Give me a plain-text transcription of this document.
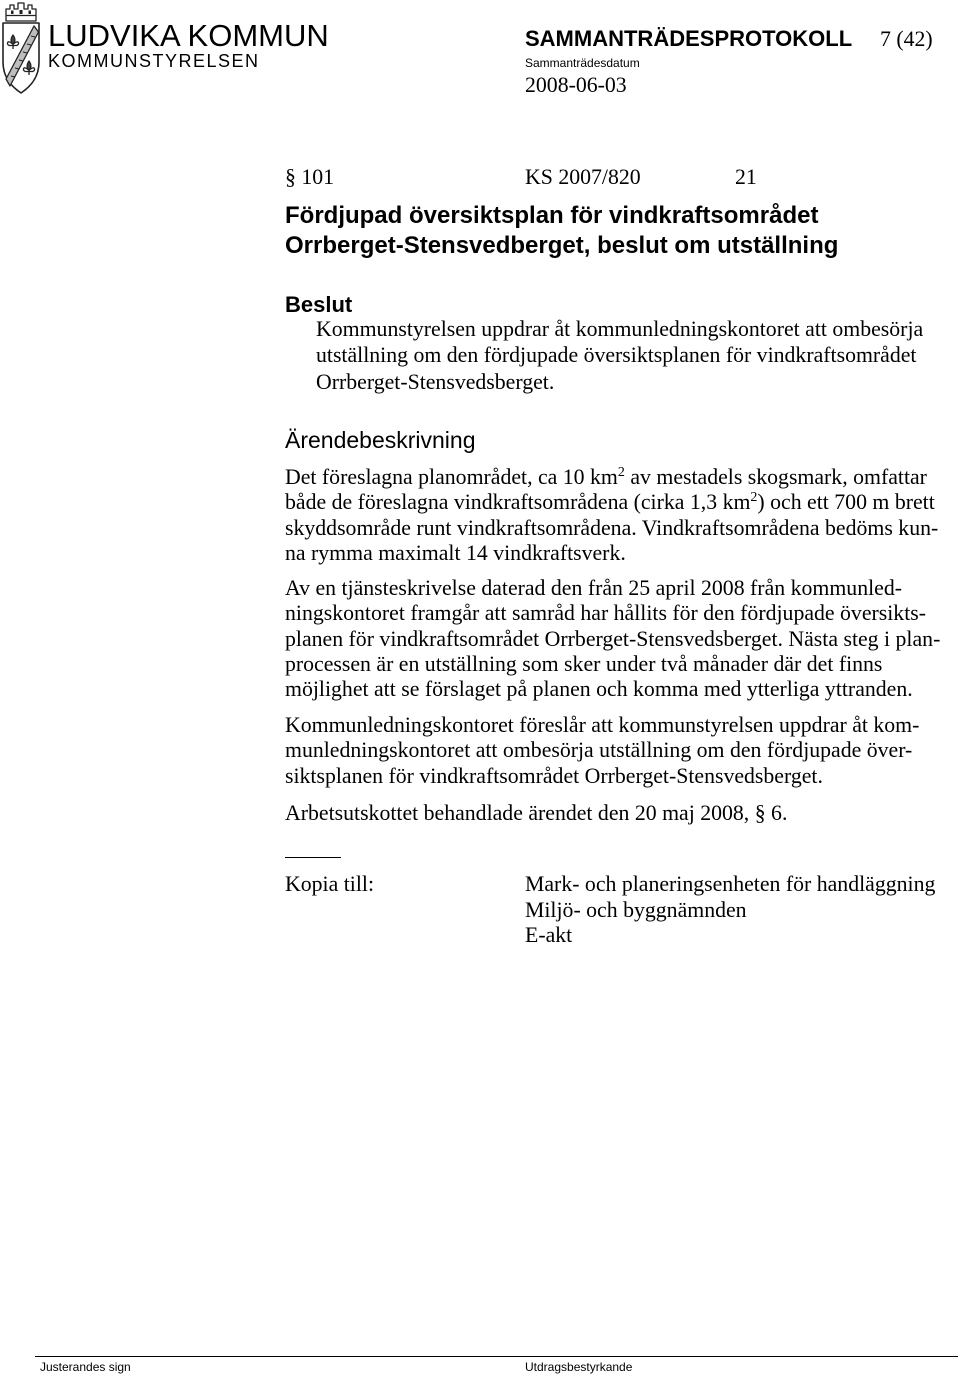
LUDVIKA KOMMUN
KOMMUNSTYRELSEN
SAMMANTRÄDESPROTOKOLL 7 (42)
Sammanträdesdatum
2008-06-03
§ 101	KS 2007/820	21
Fördjupad översiktsplan för vindkraftsområdet
Orrberget-Stensvedberget, beslut om utställning
Beslut
Kommunstyrelsen uppdrar åt kommunledningskontoret att ombesörja
utställning om den fördjupade översiktsplanen för vindkraftsområdet
Orrberget-Stensvedsberget.
Ärendebeskrivning
Det föreslagna planområdet, ca 10 $km^2$ av mestadels skogsmark, omfattar
både de föreslagna vindkraftsområdena (cirka 1,3 $km^2$) och ett 700 m brett
skyddsområde runt vindkraftsområdena. Vindkraftsområdena bedöms kun-
na rymma maximalt 14 vindkraftsverk.
Av en tjänsteskrivelse daterad den från 25 april 2008 från kommunled-
ningskontoret framgår att samråd har hållits för den fördjupade översikts-
planen för vindkraftsområdet Orrberget-Stensvedsberget. Nästa steg i plan-
processen är en utställning som sker under två månader där det finns
möjlighet att se förslaget på planen och komma med ytterliga yttranden.
Kommunledningskontoret föreslår att kommunstyrelsen uppdrar åt kom-
munledningskontoret att ombesörja utställning om den fördjupade över-
siktsplanen för vindkraftsområdet Orrberget-Stensvedsberget.
Arbetsutskottet behandlade ärendet den 20 maj 2008, § 6.
Kopia till:	Mark- och planeringsenheten för handläggning
Miljö- och byggnämnden
E-akt
Justerandes sign	Utdragsbestyrkande
